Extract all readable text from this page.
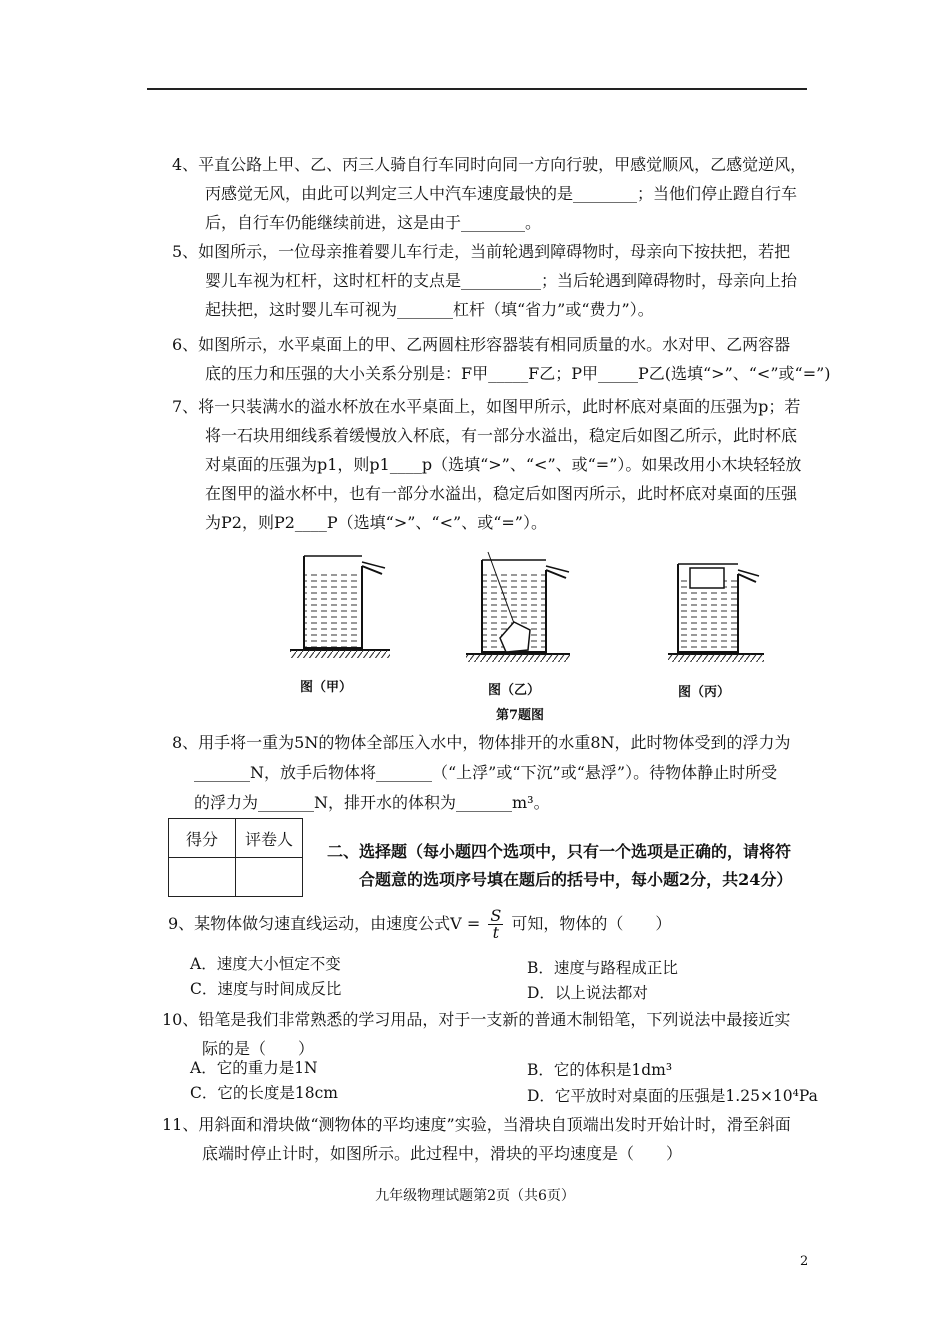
4、平直公路上甲、乙、丙三人骑自行车同时向同一方向行驶，甲感觉顺风，乙感觉逆风，
丙感觉无风，由此可以判定三人中汽车速度最快的是________；当他们停止蹬自行车
后，自行车仍能继续前进，这是由于________。
5、如图所示，一位母亲推着婴儿车行走，当前轮遇到障碍物时，母亲向下按扶把，若把
婴儿车视为杠杆，这时杠杆的支点是__________；当后轮遇到障碍物时，母亲向上抬
起扶把，这时婴儿车可视为_______杠杆（填“省力”或“费力”）。
6、如图所示，水平桌面上的甲、乙两圆柱形容器装有相同质量的水。水对甲、乙两容器
底的压力和压强的大小关系分别是：F甲_____F乙；P甲_____P乙(选填“>”、“<”或“=”)
7、将一只装满水的溢水杯放在水平桌面上，如图甲所示，此时杯底对桌面的压强为p；若
将一石块用细线系着缓慢放入杯底，有一部分水溢出，稳定后如图乙所示，此时杯底
对桌面的压强为p1，则p1____p（选填“>”、“<”、或“=”）。如果改用小木块轻轻放
在图甲的溢水杯中，也有一部分水溢出，稳定后如图丙所示，此时杯底对桌面的压强
为P2，则P2____P（选填“>”、“<”、或“=”）。
图（甲）	图（乙）	图（丙）
第7题图
8、用手将一重为5N的物体全部压入水中，物体排开的水重8N，此时物体受到的浮力为
_______N，放手后物体将_______（“上浮”或“下沉”或“悬浮”）。待物体静止时所受
的浮力为_______N，排开水的体积为_______m³。
得分	评卷人

二、选择题（每小题四个选项中，只有一个选项是正确的，请将符
合题意的选项序号填在题后的括号中，每小题2分，共24分）
9、某物体做匀速直线运动，由速度公式$V = \frac{S}{t}$ 可知，物体的（　　）
A．速度大小恒定不变	B．速度与路程成正比
C．速度与时间成反比	D．以上说法都对
10、铅笔是我们非常熟悉的学习用品，对于一支新的普通木制铅笔，下列说法中最接近实
际的是（　　）
A．它的重力是1N	B．它的体积是1dm³
C．它的长度是18cm	D．它平放时对桌面的压强是1.25×10⁴Pa
11、用斜面和滑块做“测物体的平均速度”实验，当滑块自顶端出发时开始计时，滑至斜面
底端时停止计时，如图所示。此过程中，滑块的平均速度是（　　）
九年级物理试题第2页（共6页）
2
